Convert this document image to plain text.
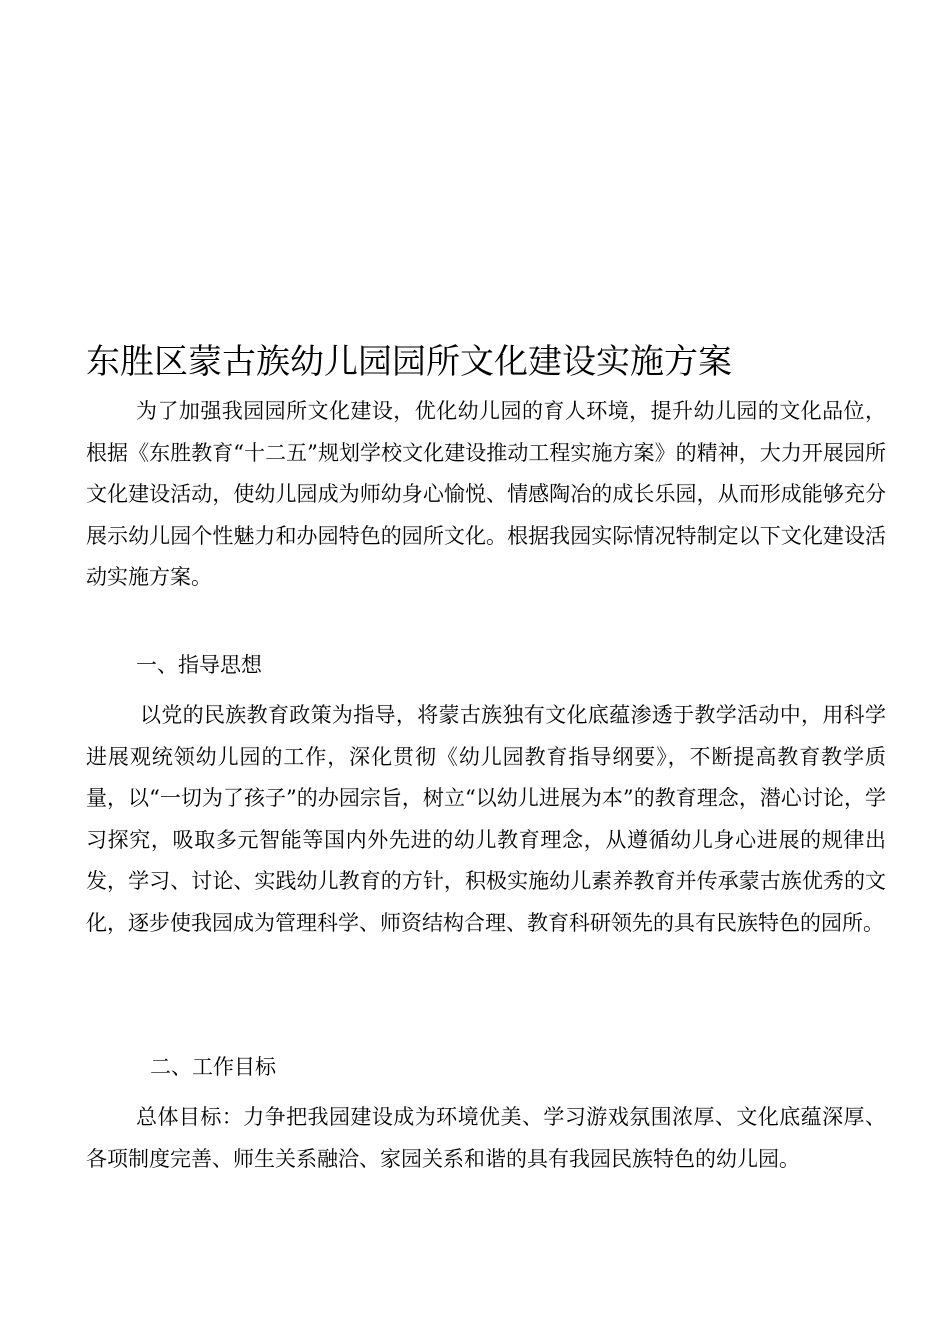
东胜区蒙古族幼儿园园所文化建设实施方案

为了加强我园园所文化建设，优化幼儿园的育人环境，提升幼儿园的文化品位，根据《东胜教育“十二五”规划学校文化建设推动工程实施方案》的精神，大力开展园所文化建设活动，使幼儿园成为师幼身心愉悦、情感陶冶的成长乐园，从而形成能够充分展示幼儿园个性魅力和办园特色的园所文化。根据我园实际情况特制定以下文化建设活动实施方案。

一、指导思想

以党的民族教育政策为指导，将蒙古族独有文化底蕴渗透于教学活动中，用科学进展观统领幼儿园的工作，深化贯彻《幼儿园教育指导纲要》，不断提高教育教学质量，以“一切为了孩子”的办园宗旨，树立“以幼儿进展为本”的教育理念，潜心讨论，学习探究，吸取多元智能等国内外先进的幼儿教育理念，从遵循幼儿身心进展的规律出发，学习、讨论、实践幼儿教育的方针，积极实施幼儿素养教育并传承蒙古族优秀的文化，逐步使我园成为管理科学、师资结构合理、教育科研领先的具有民族特色的园所。

二、工作目标

总体目标：力争把我园建设成为环境优美、学习游戏氛围浓厚、文化底蕴深厚、各项制度完善、师生关系融洽、家园关系和谐的具有我园民族特色的幼儿园。
